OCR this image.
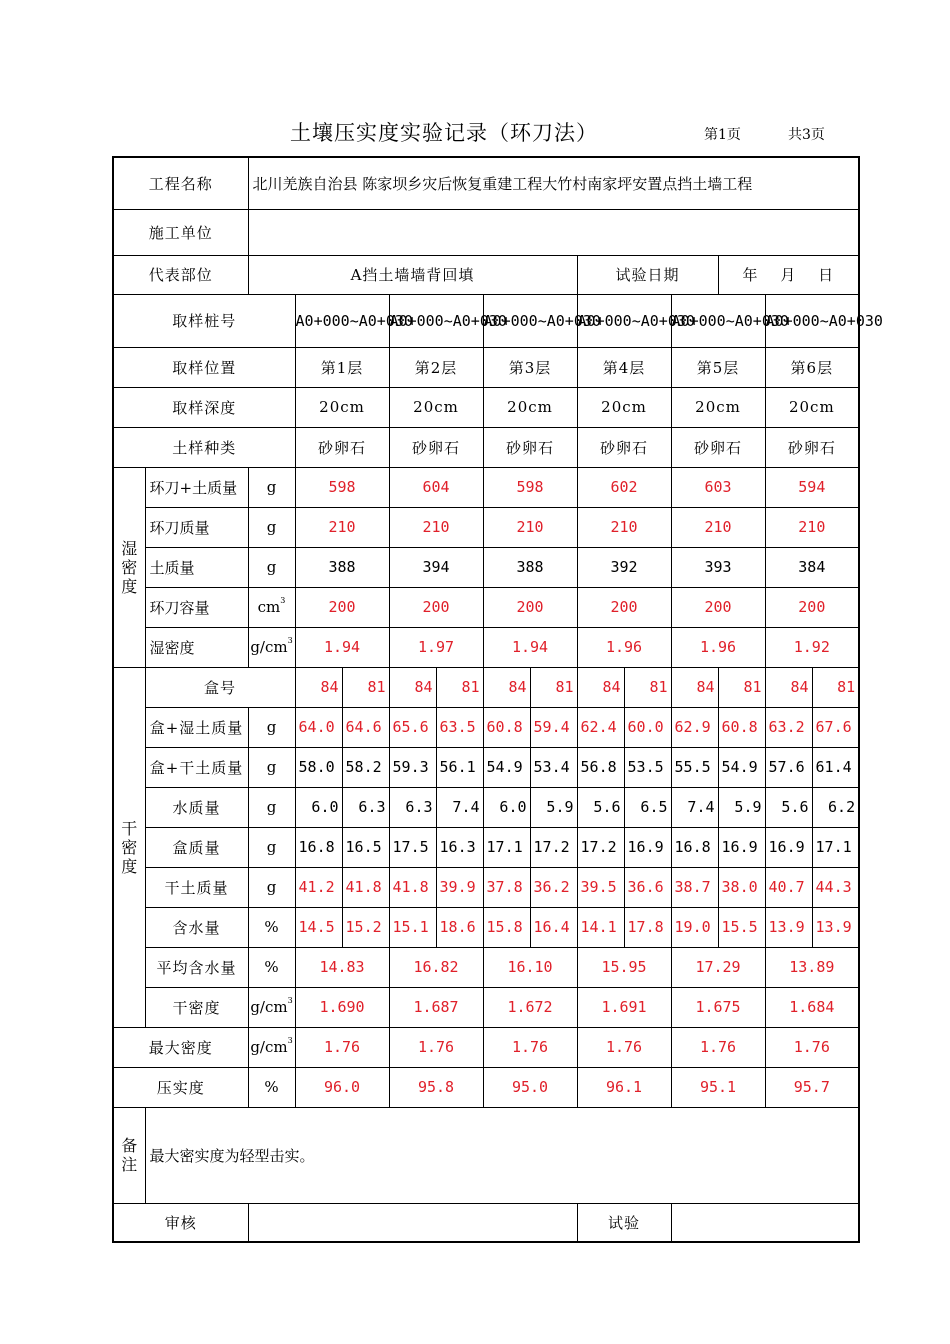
土壤压实度实验记录（环刀法）	第1页	共3页
工程名称		北川羌族自治县 陈家坝乡灾后恢复重建工程大竹村南家坪安置点挡土墙工程												
施工单位														
代表部位		A挡土墙墙背回填							试验日期			年　 月　 日		
取样桩号			A0+000~A0+030		A0+000~A0+030		A0+000~A0+030		A0+000~A0+030		A0+000~A0+030		A0+000~A0+030	
取样位置			第1层		第2层		第3层		第4层		第5层		第6层	
取样深度			20cm		20cm		20cm		20cm		20cm		20cm	
土样种类			砂卵石		砂卵石		砂卵石		砂卵石		砂卵石		砂卵石	

湿密度	环刀+土质量	g	598		604		598		602		603		594	
	环刀质量	g	210		210		210		210		210		210	
	土质量	g	388		394		388		392		393		384	
	环刀容量	$cm^3$	200		200		200		200		200		200	
	湿密度	$g/cm^3$	1.94		1.97		1.94		1.96		1.96		1.92	

干密度	盒号		84	81	84	81	84	81	84	81	84	81	84	81
	盒+湿土质量	g	64.0	64.6	65.6	63.5	60.8	59.4	62.4	60.0	62.9	60.8	63.2	67.6
	盒+干土质量	g	58.0	58.2	59.3	56.1	54.9	53.4	56.8	53.5	55.5	54.9	57.6	61.4
	水质量	g	6.0	6.3	6.3	7.4	6.0	5.9	5.6	6.5	7.4	5.9	5.6	6.2
	盒质量	g	16.8	16.5	17.5	16.3	17.1	17.2	17.2	16.9	16.8	16.9	16.9	17.1
	干土质量	g	41.2	41.8	41.8	39.9	37.8	36.2	39.5	36.6	38.7	38.0	40.7	44.3
	含水量	%	14.5	15.2	15.1	18.6	15.8	16.4	14.1	17.8	19.0	15.5	13.9	13.9
	平均含水量	%	14.83		16.82		16.10		15.95		17.29		13.89	
	干密度	$g/cm^3$	1.690		1.687		1.672		1.691		1.675		1.684	
最大密度		$g/cm^3$	1.76		1.76		1.76		1.76		1.76		1.76	
压实度		%	96.0		95.8		95.0		96.1		95.1		95.7	

备注	最大密实度为轻型击实。													
审核									试验					
